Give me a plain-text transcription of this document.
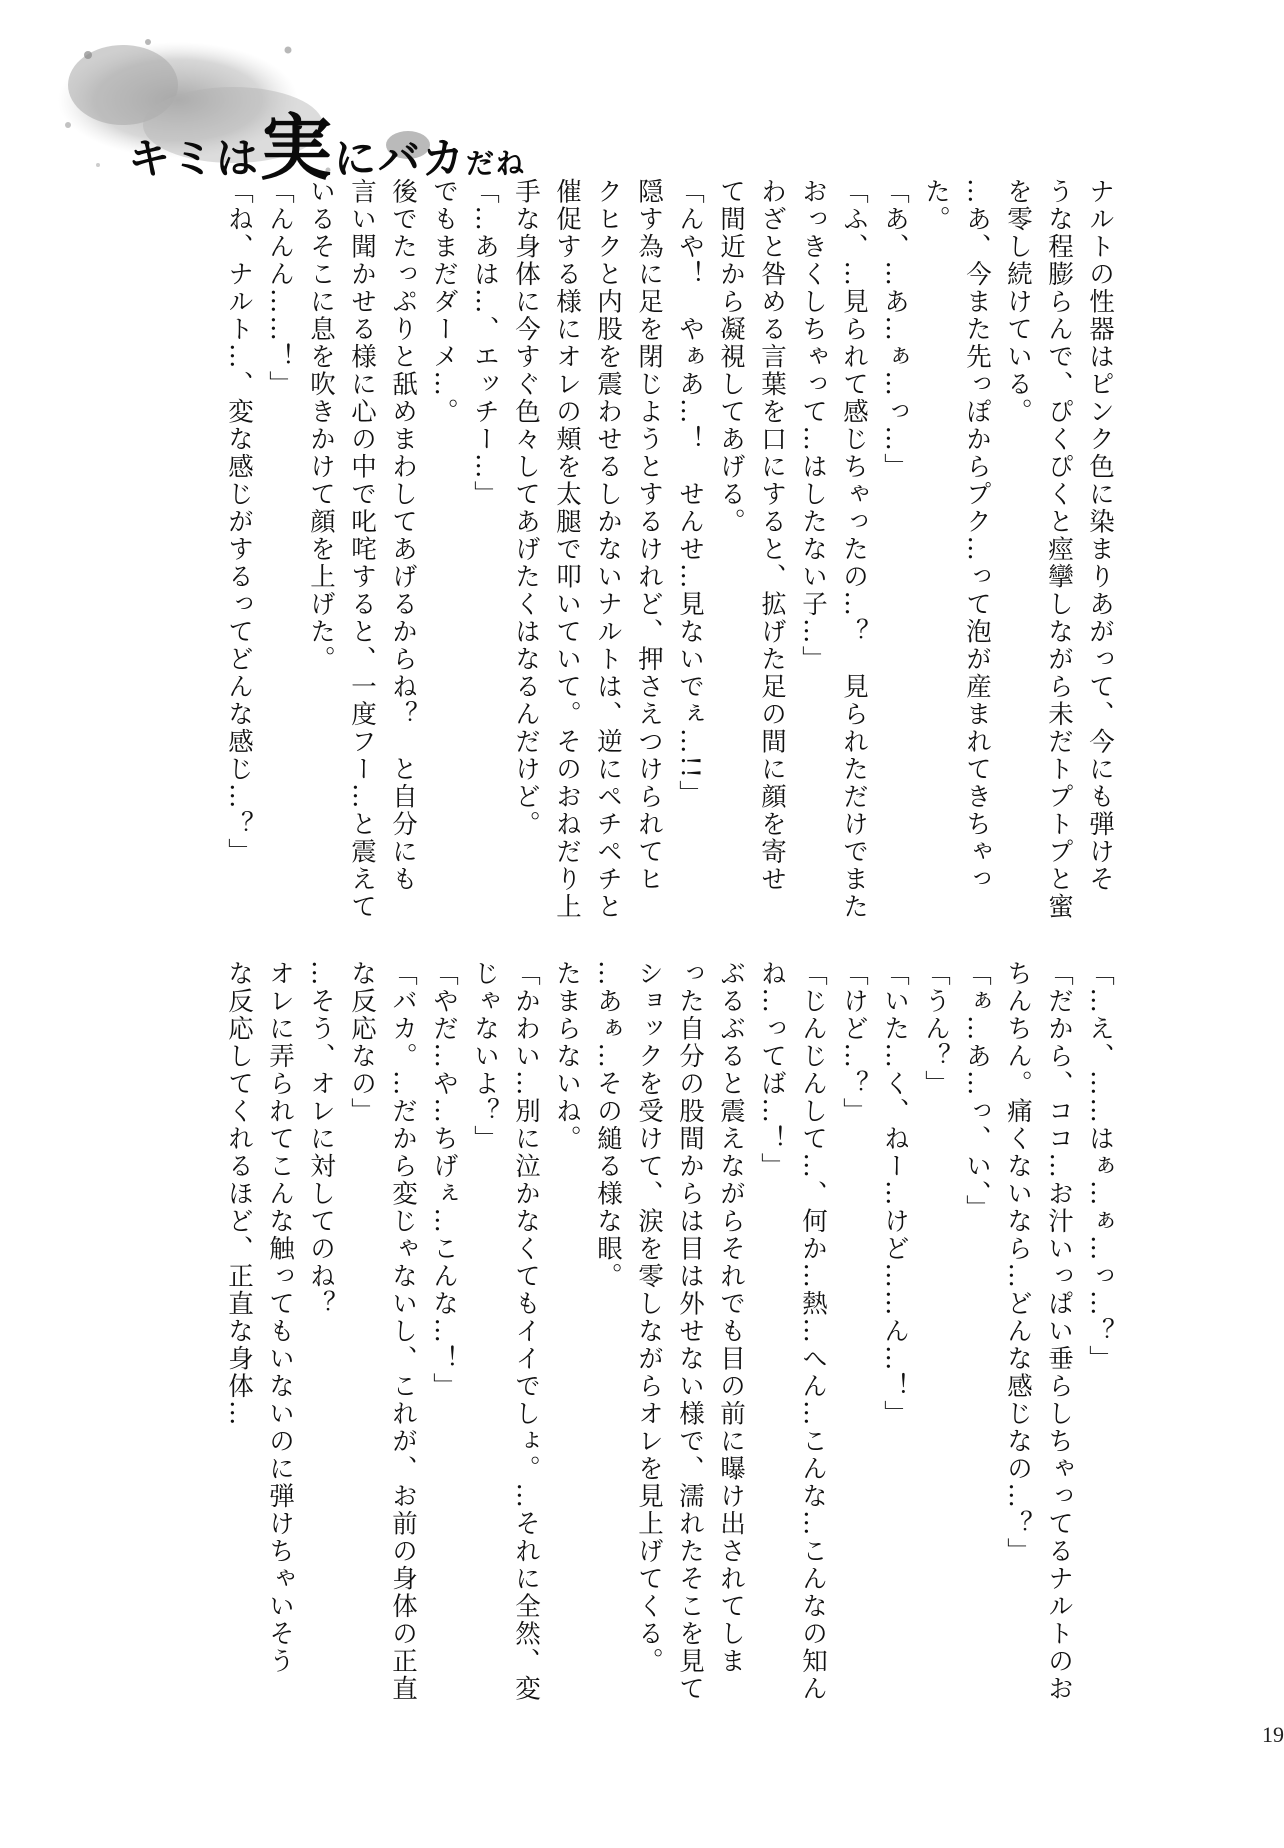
キミは実にバカだね
ナルトの性器はピンク色に染まりあがって、今にも弾けそ
うな程膨らんで、ぴくぴくと痙攣しながら未だトプトプと蜜
を零し続けている。
…あ、今また先っぽからプク…って泡が産まれてきちゃっ
た。
「あ、…あ…ぁ…っ…」
「ふ、…見られて感じちゃったの…？　見られただけでまた
おっきくしちゃって…はしたない子…」
わざと咎める言葉を口にすると、拡げた足の間に顔を寄せ
て間近から凝視してあげる。
「んや！　やぁあ…！　せんせ…見ないでぇ…!!」
隠す為に足を閉じようとするけれど、押さえつけられてヒ
クヒクと内股を震わせるしかないナルトは、逆にペチペチと
催促する様にオレの頬を太腿で叩いていて。そのおねだり上
手な身体に今すぐ色々してあげたくはなるんだけど。
「…あは…、エッチー…」
でもまだダーメ…。
後でたっぷりと舐めまわしてあげるからね？　と自分にも
言い聞かせる様に心の中で叱咤すると、一度フー…と震えて
いるそこに息を吹きかけて顔を上げた。
「んんん……！」
「ね、ナルト…、変な感じがするってどんな感じ…？」
「…え、……はぁ…ぁ…っ…？」
「だから、ココ…お汁いっぱい垂らしちゃってるナルトのお
ちんちん。痛くないなら…どんな感じなの…？」
「ぁ…あ…っ、い、」
「うん？」
「いた…く、ねー…けど……ん…！」
「けど…？」
「じんじんして…、何か…熱…へん…こんな…こんなの知ん
ね…ってば…！」
ぶるぶると震えながらそれでも目の前に曝け出されてしま
った自分の股間からは目は外せない様で、濡れたそこを見て
ショックを受けて、涙を零しながらオレを見上げてくる。
…あぁ…その縋る様な眼。
たまらないね。
「かわい…別に泣かなくてもイイでしょ。…それに全然、変
じゃないよ？」
「やだ…や…ちげぇ…こんな…！」
「バカ。…だから変じゃないし、これが、お前の身体の正直
な反応なの」
…そう、オレに対してのね？
オレに弄られてこんな触ってもいないのに弾けちゃいそう
な反応してくれるほど、正直な身体…
19
